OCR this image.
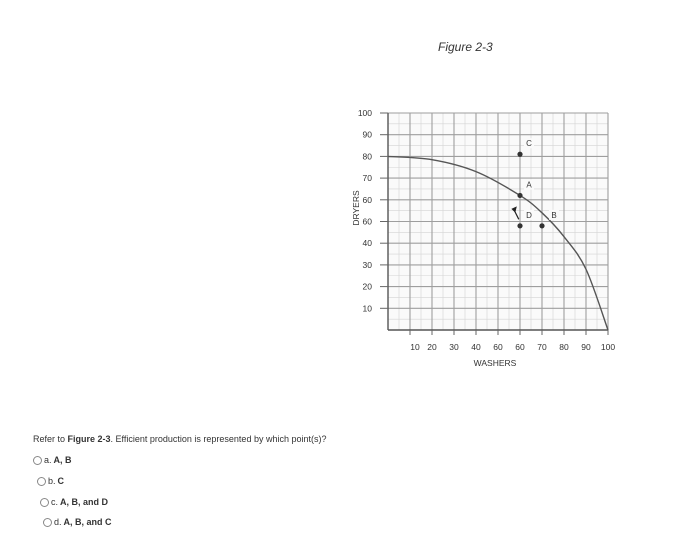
Figure 2-3
10
20
30
40
60
60
70
80
90
100
10 20 30 40 60 60 70 80 90 100
WASHERS
DRYERS
A
B
C
D
Refer to Figure 2-3. Efficient production is represented by which point(s)?
a. A, B
b. C
c. A, B, and D
d. A, B, and C
